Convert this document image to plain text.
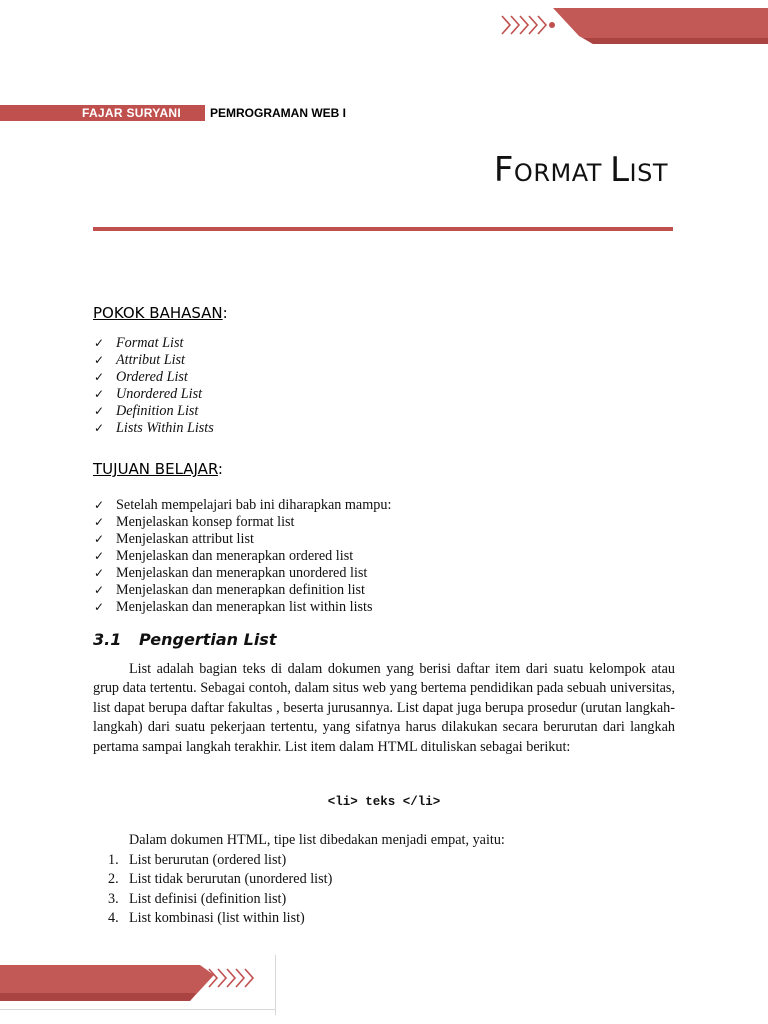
FAJAR SURYANI PEMROGRAMAN WEB I
FORMAT LIST
POKOK BAHASAN:
✓ Format List
✓ Attribut List
✓ Ordered List
✓ Unordered List
✓ Definition List
✓ Lists Within Lists
TUJUAN BELAJAR:
✓ Setelah mempelajari bab ini diharapkan mampu:
✓ Menjelaskan konsep format list
✓ Menjelaskan attribut list
✓ Menjelaskan dan menerapkan ordered list
✓ Menjelaskan dan menerapkan unordered list
✓ Menjelaskan dan menerapkan definition list
✓ Menjelaskan dan menerapkan list within lists
3.1 Pengertian List

List adalah bagian teks di dalam dokumen yang berisi daftar item dari suatu kelompok atau grup data tertentu. Sebagai contoh, dalam situs web yang bertema pendidikan pada sebuah universitas, list dapat berupa daftar fakultas , beserta jurusannya. List dapat juga berupa prosedur (urutan langkah-langkah) dari suatu pekerjaan tertentu, yang sifatnya harus dilakukan secara berurutan dari langkah pertama sampai langkah terakhir. List item dalam HTML dituliskan sebagai berikut:

<li> teks </li>

Dalam dokumen HTML, tipe list dibedakan menjadi empat, yaitu:

1. List berurutan (ordered list)
2. List tidak berurutan (unordered list)
3. List definisi (definition list)
4. List kombinasi (list within list)
